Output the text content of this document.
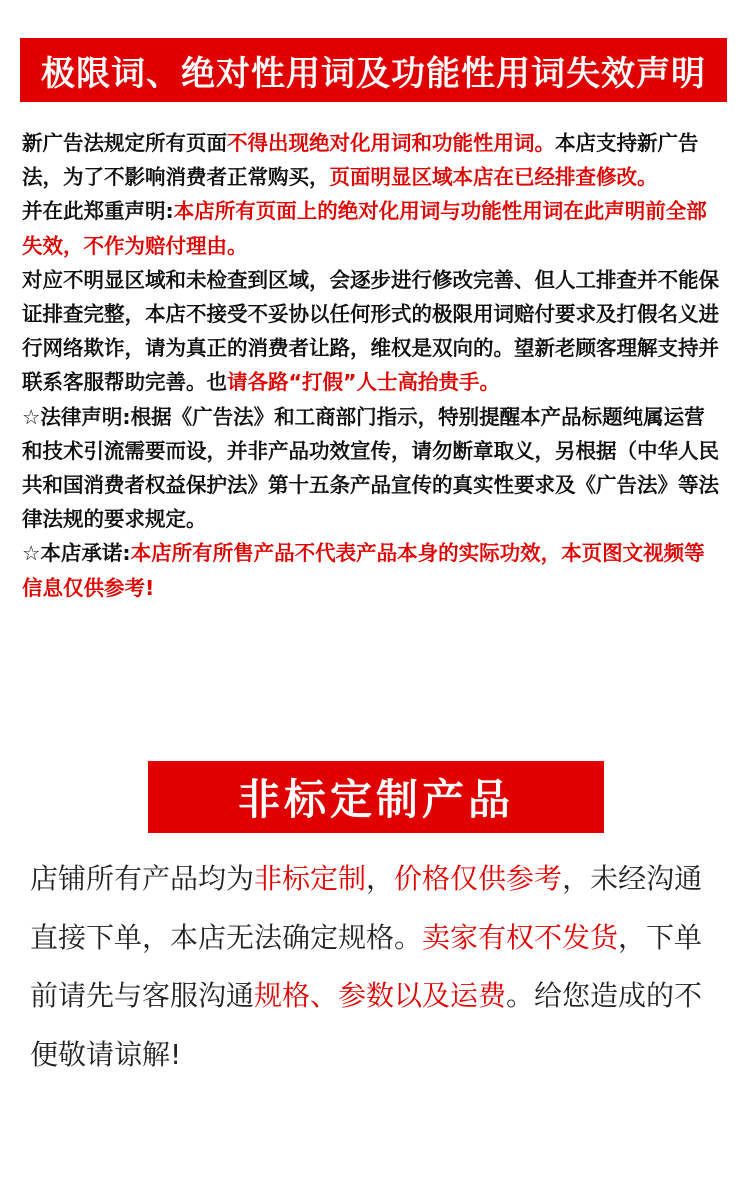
极限词、绝对性用词及功能性用词失效声明
新广告法规定所有页面不得出现绝对化用词和功能性用词。本店支持新广告法，为了不影响消费者正常购买，页面明显区域本店在已经排查修改。
并在此郑重声明:本店所有页面上的绝对化用词与功能性用词在此声明前全部失效，不作为赔付理由。
对应不明显区域和未检查到区域，会逐步进行修改完善、但人工排查并不能保证排查完整，本店不接受不妥协以任何形式的极限用词赔付要求及打假名义进行网络欺诈，请为真正的消费者让路，维权是双向的。望新老顾客理解支持并联系客服帮助完善。也请各路“打假”人士高抬贵手。
☆法律声明:根据《广告法》和工商部门指示，特别提醒本产品标题纯属运营和技术引流需要而设，并非产品功效宣传，请勿断章取义，另根据（中华人民共和国消费者权益保护法》第十五条产品宣传的真实性要求及《广告法》等法律法规的要求规定。
☆本店承诺:本店所有所售产品不代表产品本身的实际功效，本页图文视频等信息仅供参考!
非标定制产品
店铺所有产品均为非标定制，价格仅供参考，未经沟通直接下单，本店无法确定规格。卖家有权不发货，下单前请先与客服沟通规格、参数以及运费。给您造成的不便敬请谅解!
